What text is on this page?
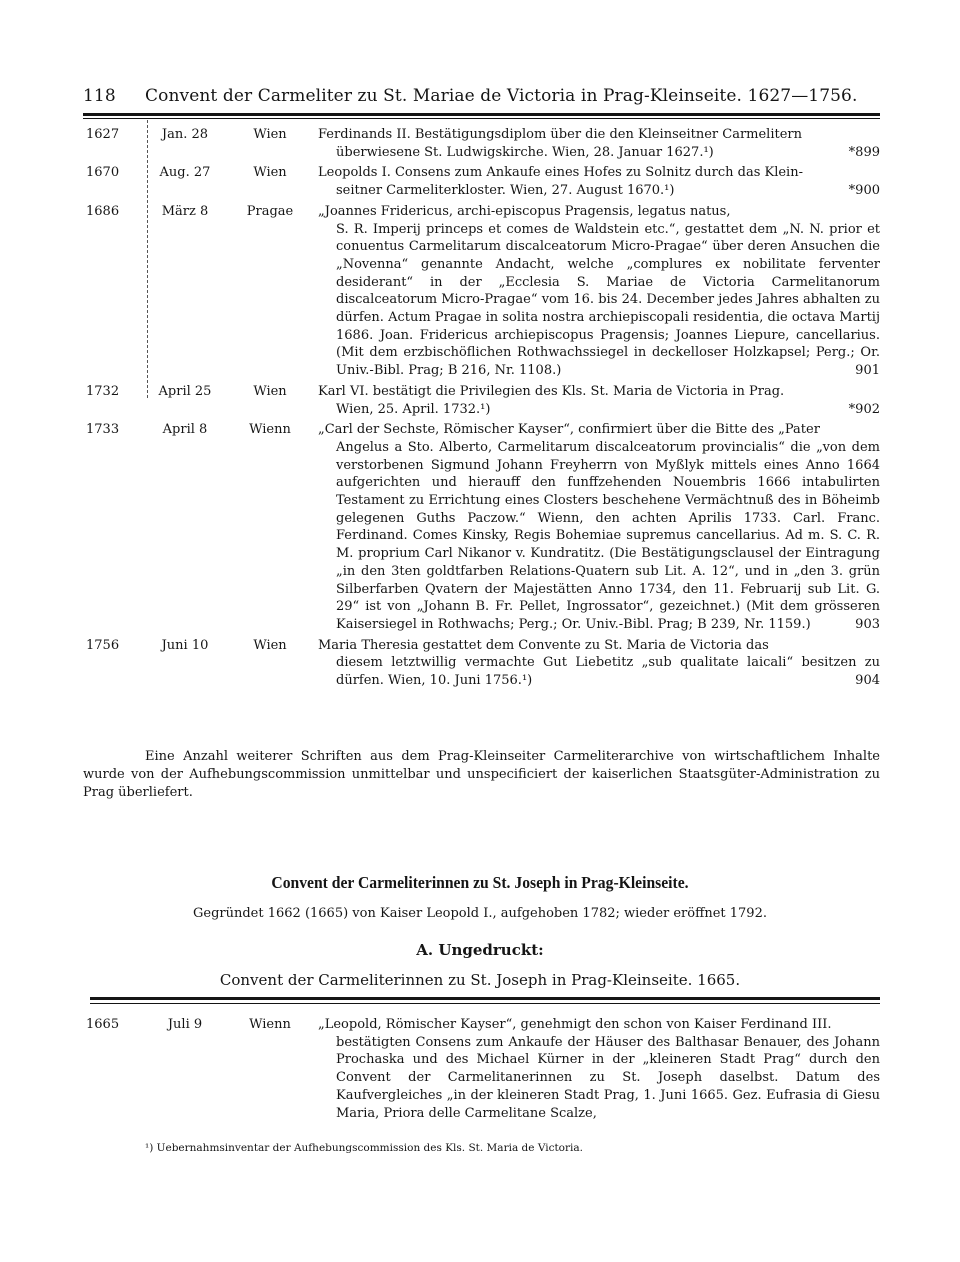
118 Convent der Carmeliter zu St. Mariae de Victoria in Prag-Kleinseite. 1627—1756.
1627	Jan. 28	Wien	Ferdinands II. Bestätigungsdiplom über die den Kleinseitner Carmelitern
überwiesene St. Ludwigskirche. Wien, 28. Januar 1627.¹)	*899
1670	Aug. 27	Wien	Leopolds I. Consens zum Ankaufe eines Hofes zu Solnitz durch das Klein-
seitner Carmeliterkloster. Wien, 27. August 1670.¹)	*900
1686	März 8	Pragae	„Joannes Fridericus, archi-episcopus Pragensis, legatus natus,
S. R. Imperij princeps et comes de Waldstein etc.“, gestattet dem „N. N. prior et conuentus Carmelitarum discalceatorum Micro-Pragae“ über deren Ansuchen die „Novenna“ genannte Andacht, welche „complures ex nobilitate ferventer desiderant“ in der „Ecclesia S. Mariae de Victoria Carmelitanorum discalceatorum Micro-Pragae“ vom 16. bis 24. December jedes Jahres abhalten zu dürfen. Actum Pragae in solita nostra archiepiscopali residentia, die octava Martij 1686. Joan. Fridericus archiepiscopus Pragensis; Joannes Liepure, cancellarius. (Mit dem erzbischöflichen Rothwachssiegel in deckelloser Holzkapsel; Perg.; Or. Univ.-Bibl. Prag; B 216, Nr. 1108.)	901
1732	April 25	Wien	Karl VI. bestätigt die Privilegien des Kls. St. Maria de Victoria in Prag.
Wien, 25. April. 1732.¹)	*902
1733	April 8	Wienn	„Carl der Sechste, Römischer Kayser“, confirmiert über die Bitte des „Pater
Angelus a Sto. Alberto, Carmelitarum discalceatorum provincialis“ die „von dem verstorbenen Sigmund Johann Freyherrn von Myßlyk mittels eines Anno 1664 aufgerichten und hierauff den funffzehenden Nouembris 1666 intabulirten Testament zu Errichtung eines Closters beschehene Vermächtnuß des in Böheimb gelegenen Guths Paczow.“ Wienn, den achten Aprilis 1733. Carl. Franc. Ferdinand. Comes Kinsky, Regis Bohemiae supremus cancellarius. Ad m. S. C. R. M. proprium Carl Nikanor v. Kundratitz. (Die Bestätigungsclausel der Eintragung „in den 3ten goldtfarben Relations-Quatern sub Lit. A. 12“, und in „den 3. grün Silberfarben Qvatern der Majestätten Anno 1734, den 11. Februarij sub Lit. G. 29“ ist von „Johann B. Fr. Pellet, Ingrossator“, gezeichnet.) (Mit dem grösseren Kaisersiegel in Rothwachs; Perg.; Or. Univ.-Bibl. Prag; B 239, Nr. 1159.)	903
1756	Juni 10	Wien	Maria Theresia gestattet dem Convente zu St. Maria de Victoria das
diesem letztwillig vermachte Gut Liebetitz „sub qualitate laicali“ besitzen zu dürfen. Wien, 10. Juni 1756.¹)	904
Eine Anzahl weiterer Schriften aus dem Prag-Kleinseiter Carmeliterarchive von wirtschaftlichem Inhalte wurde von der Aufhebungscommission unmittelbar und unspecificiert der kaiserlichen Staatsgüter-Administration zu Prag überliefert.
Convent der Carmeliterinnen zu St. Joseph in Prag-Kleinseite.
Gegründet 1662 (1665) von Kaiser Leopold I., aufgehoben 1782; wieder eröffnet 1792.
A. Ungedruckt:
Convent der Carmeliterinnen zu St. Joseph in Prag-Kleinseite. 1665.
1665	Juli 9	Wienn	„Leopold, Römischer Kayser“, genehmigt den schon von Kaiser Ferdinand III.
bestätigten Consens zum Ankaufe der Häuser des Balthasar Benauer, des Johann Prochaska und des Michael Kürner in der „kleineren Stadt Prag“ durch den Convent der Carmelitanerinnen zu St. Joseph daselbst. Datum des Kaufvergleiches „in der kleineren Stadt Prag, 1. Juni 1665. Gez. Eufrasia di Giesu Maria, Priora delle Carmelitane Scalze,
¹) Uebernahmsinventar der Aufhebungscommission des Kls. St. Maria de Victoria.
